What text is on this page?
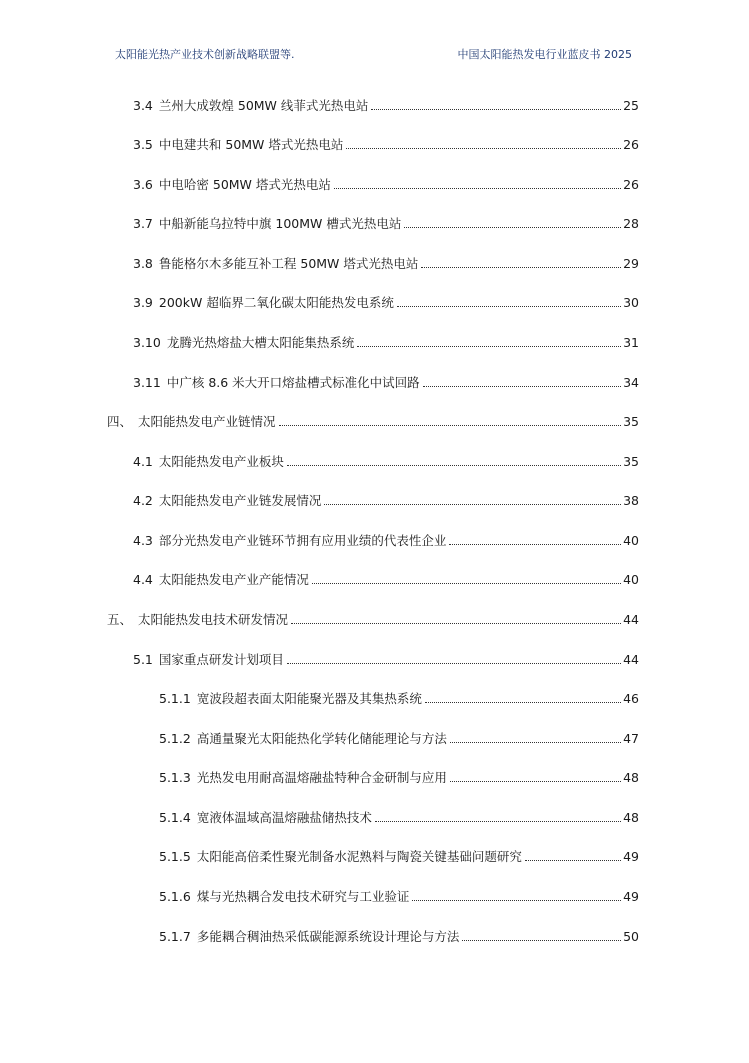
太阳能光热产业技术创新战略联盟等.	中国太阳能热发电行业蓝皮书 2025
3.4 兰州大成敦煌 50MW 线菲式光热电站	25
3.5 中电建共和 50MW 塔式光热电站	26
3.6 中电哈密 50MW 塔式光热电站	26
3.7 中船新能乌拉特中旗 100MW 槽式光热电站	28
3.8 鲁能格尔木多能互补工程 50MW 塔式光热电站	29
3.9 200kW 超临界二氧化碳太阳能热发电系统	30
3.10 龙腾光热熔盐大槽太阳能集热系统	31
3.11 中广核 8.6 米大开口熔盐槽式标准化中试回路	34
四、 太阳能热发电产业链情况	35
4.1 太阳能热发电产业板块	35
4.2 太阳能热发电产业链发展情况	38
4.3 部分光热发电产业链环节拥有应用业绩的代表性企业	40
4.4 太阳能热发电产业产能情况	40
五、 太阳能热发电技术研发情况	44
5.1 国家重点研发计划项目	44
5.1.1 宽波段超表面太阳能聚光器及其集热系统	46
5.1.2 高通量聚光太阳能热化学转化储能理论与方法	47
5.1.3 光热发电用耐高温熔融盐特种合金研制与应用	48
5.1.4 宽液体温域高温熔融盐储热技术	48
5.1.5 太阳能高倍柔性聚光制备水泥熟料与陶瓷关键基础问题研究	49
5.1.6 煤与光热耦合发电技术研究与工业验证	49
5.1.7 多能耦合稠油热采低碳能源系统设计理论与方法	50
